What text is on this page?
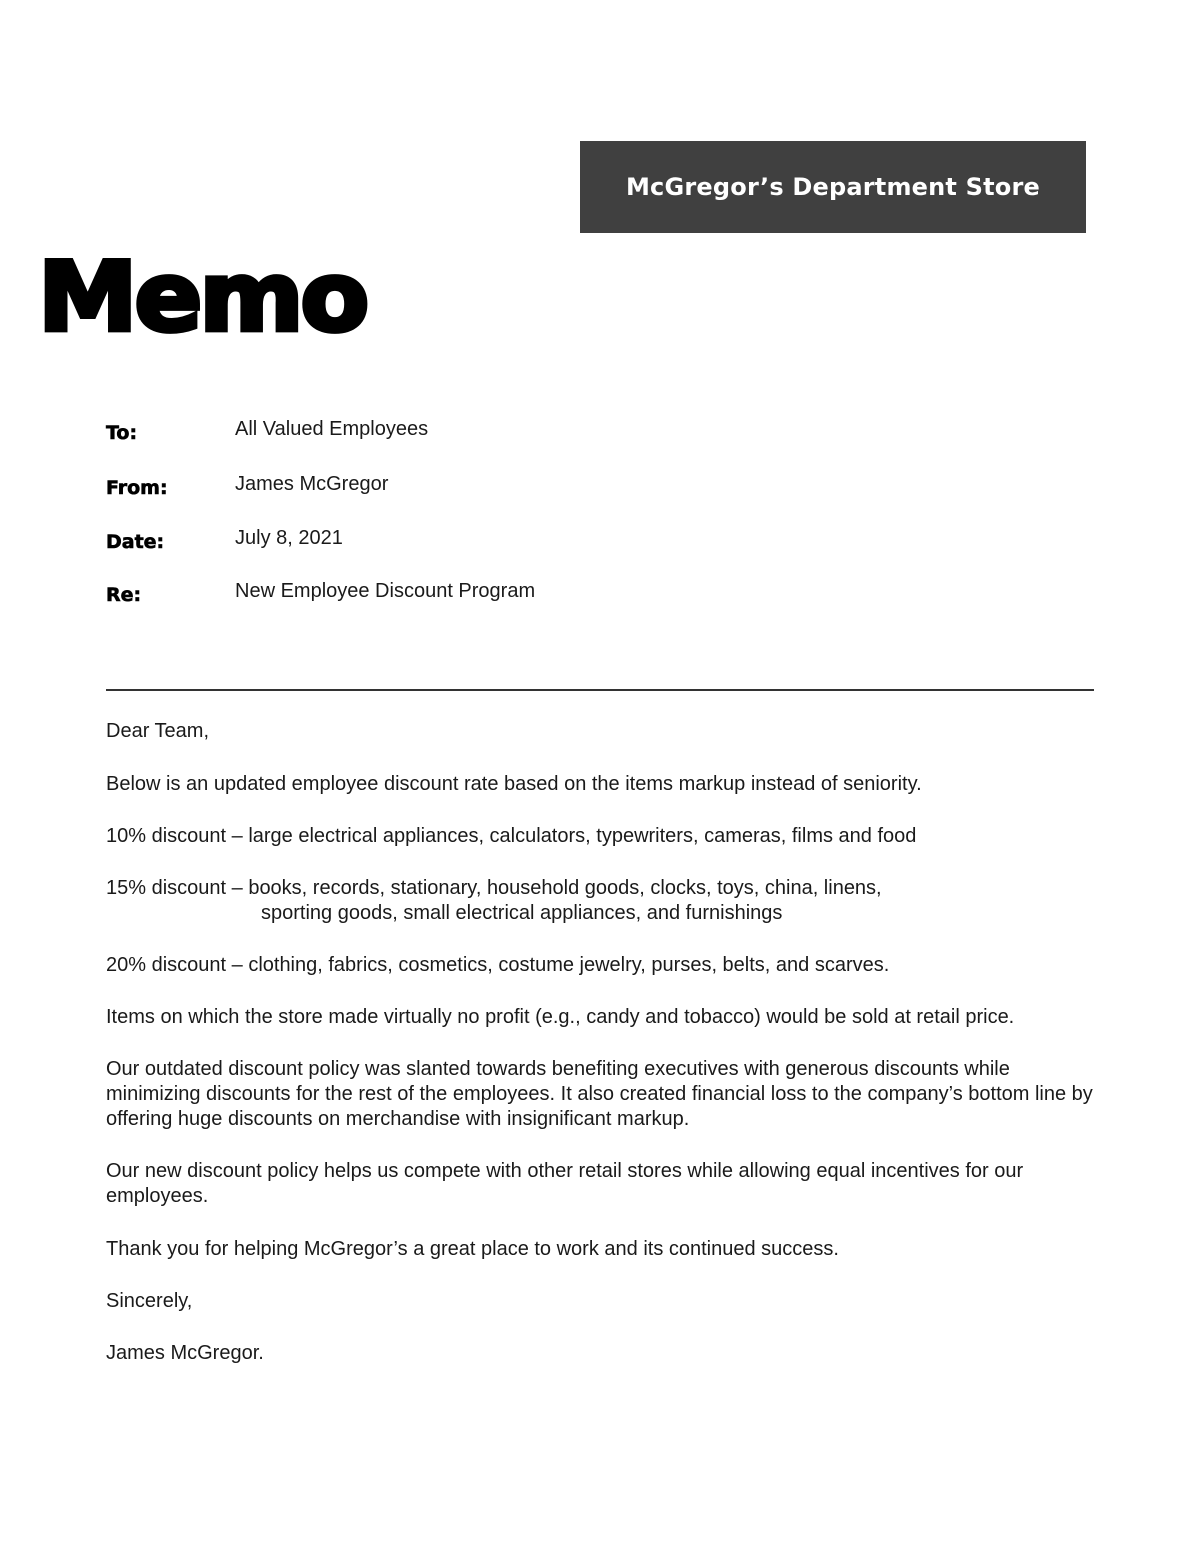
McGregor’s Department Store
Memo
To:	All Valued Employees
From:	James McGregor
Date:	July 8, 2021
Re:	New Employee Discount Program

Dear Team,

Below is an updated employee discount rate based on the items markup instead of seniority.

10% discount – large electrical appliances, calculators, typewriters, cameras, films and food
15% discount – books, records, stationary, household goods, clocks, toys, china, linens,
sporting goods, small electrical appliances, and furnishings
20% discount – clothing, fabrics, cosmetics, costume jewelry, purses, belts, and scarves.

Items on which the store made virtually no profit (e.g., candy and tobacco) would be sold at retail price.

Our outdated discount policy was slanted towards benefiting executives with generous discounts while minimizing discounts for the rest of the employees. It also created financial loss to the company’s bottom line by offering huge discounts on merchandise with insignificant markup.

Our new discount policy helps us compete with other retail stores while allowing equal incentives for our employees.

Thank you for helping McGregor’s a great place to work and its continued success.

Sincerely,

James McGregor.
